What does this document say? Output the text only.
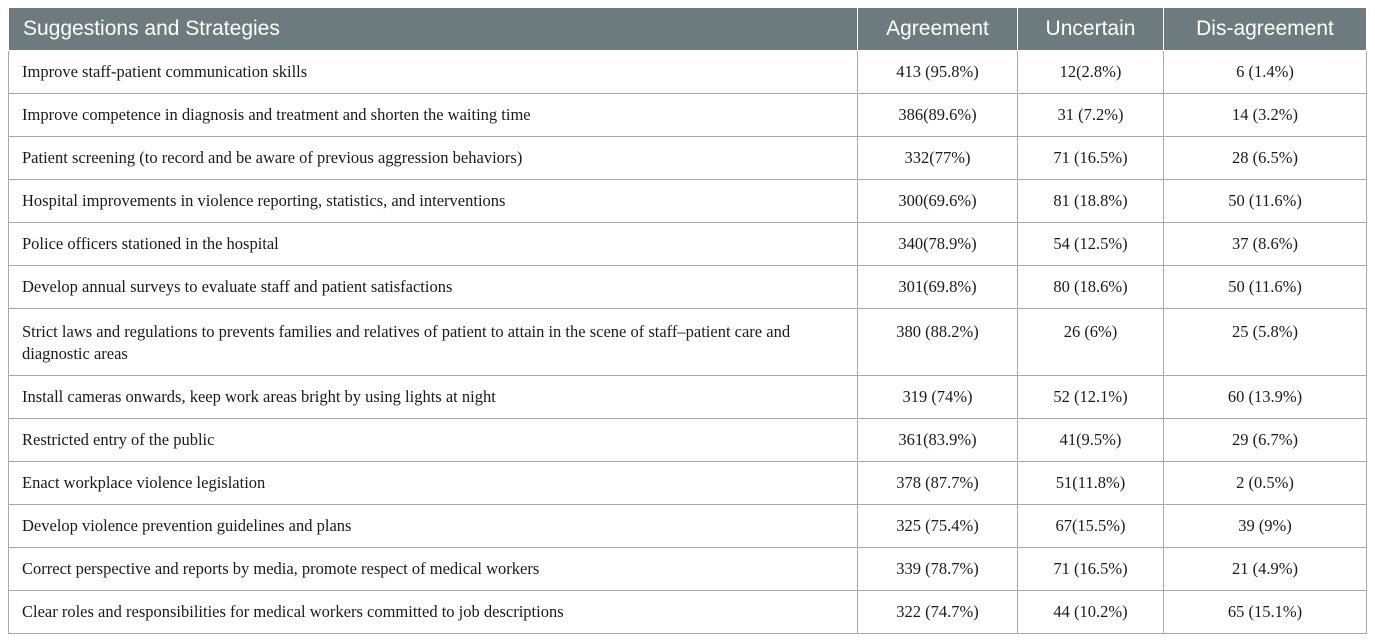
Suggestions and Strategies	Agreement	Uncertain	Dis-agreement
Improve staff-patient communication skills	413 (95.8%)	12(2.8%)	6 (1.4%)
Improve competence in diagnosis and treatment and shorten the waiting time	386(89.6%)	31 (7.2%)	14 (3.2%)
Patient screening (to record and be aware of previous aggression behaviors)	332(77%)	71 (16.5%)	28 (6.5%)
Hospital improvements in violence reporting, statistics, and interventions	300(69.6%)	81 (18.8%)	50 (11.6%)
Police officers stationed in the hospital	340(78.9%)	54 (12.5%)	37 (8.6%)
Develop annual surveys to evaluate staff and patient satisfactions	301(69.8%)	80 (18.6%)	50 (11.6%)
Strict laws and regulations to prevents families and relatives of patient to attain in the scene of staff–patient care and diagnostic areas	380 (88.2%)	26 (6%)	25 (5.8%)
Install cameras onwards, keep work areas bright by using lights at night	319 (74%)	52 (12.1%)	60 (13.9%)
Restricted entry of the public	361(83.9%)	41(9.5%)	29 (6.7%)
Enact workplace violence legislation	378 (87.7%)	51(11.8%)	2 (0.5%)
Develop violence prevention guidelines and plans	325 (75.4%)	67(15.5%)	39 (9%)
Correct perspective and reports by media, promote respect of medical workers	339 (78.7%)	71 (16.5%)	21 (4.9%)
Clear roles and responsibilities for medical workers committed to job descriptions	322 (74.7%)	44 (10.2%)	65 (15.1%)
